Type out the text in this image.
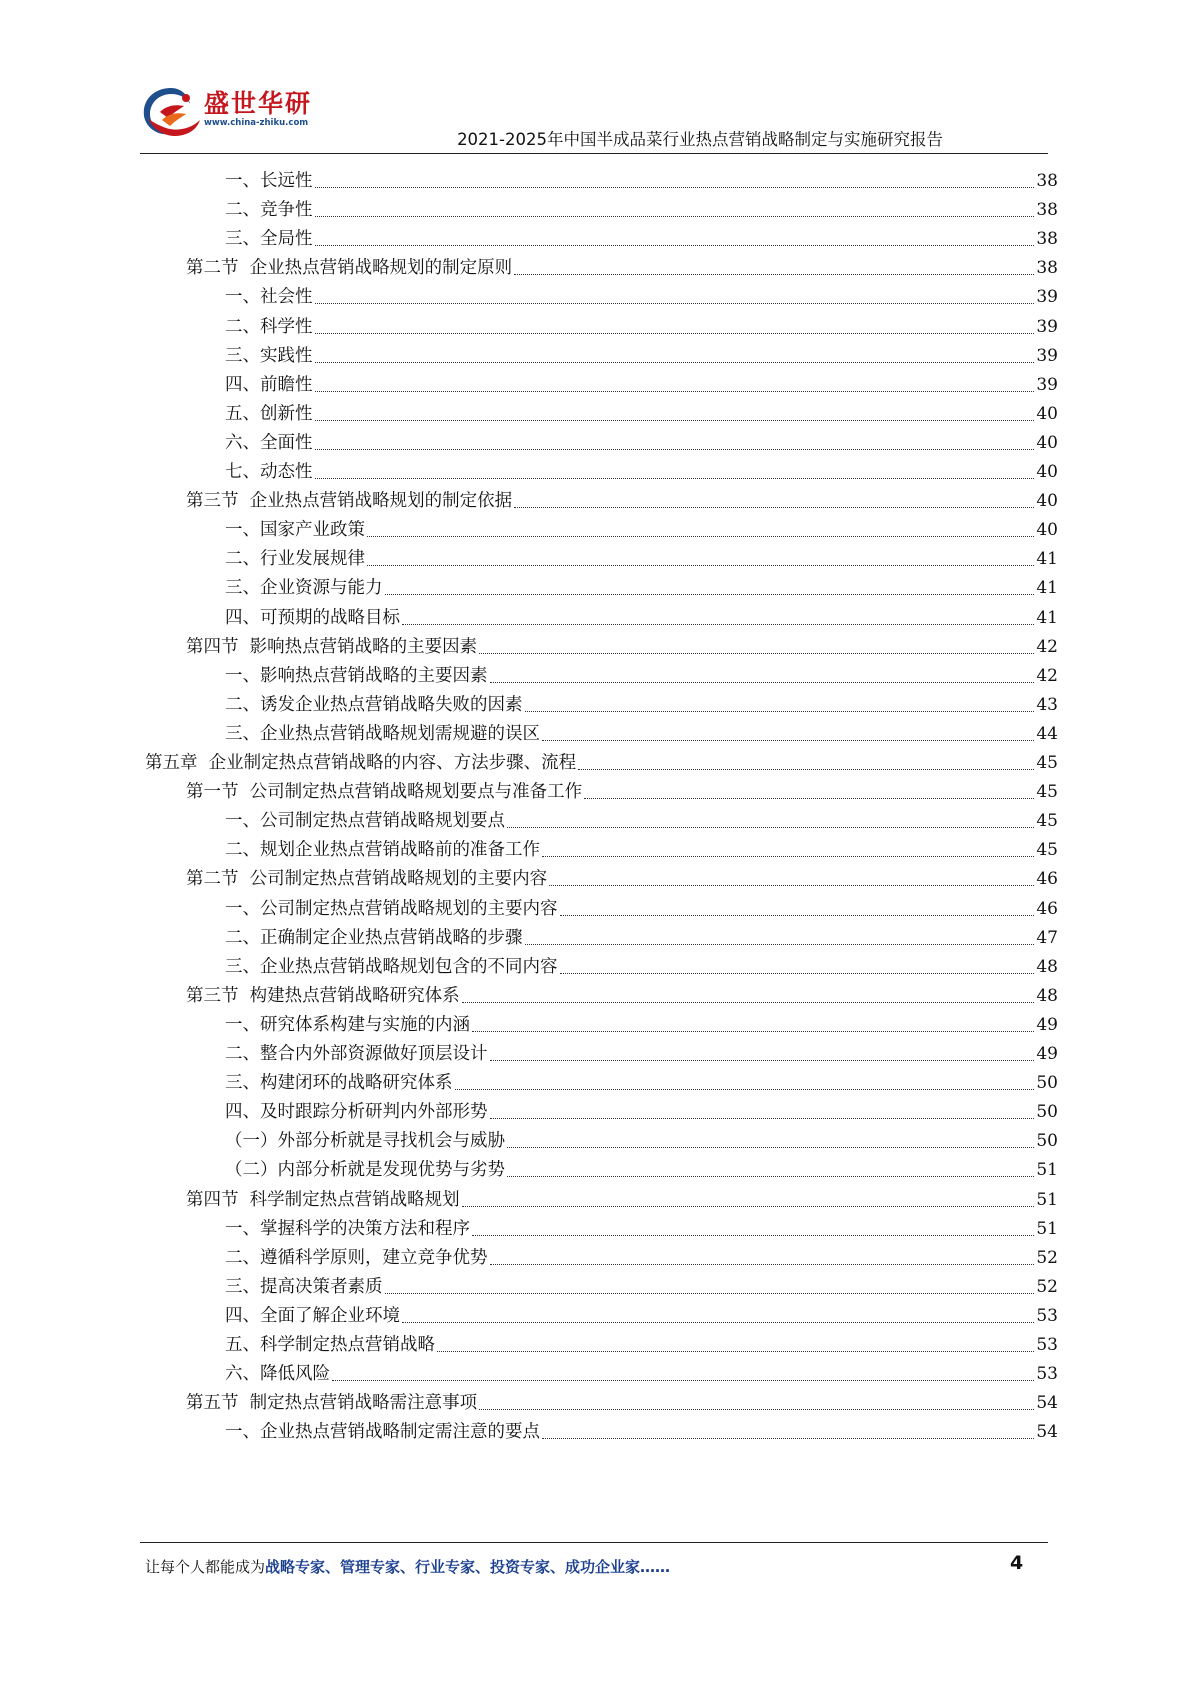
盛世华研
www.china-zhiku.com
2021-2025年中国半成品菜行业热点营销战略制定与实施研究报告
一、长远性	38
二、竞争性	38
三、全局性	38
第二节  企业热点营销战略规划的制定原则	38
一、社会性	39
二、科学性	39
三、实践性	39
四、前瞻性	39
五、创新性	40
六、全面性	40
七、动态性	40
第三节  企业热点营销战略规划的制定依据	40
一、国家产业政策	40
二、行业发展规律	41
三、企业资源与能力	41
四、可预期的战略目标	41
第四节  影响热点营销战略的主要因素	42
一、影响热点营销战略的主要因素	42
二、诱发企业热点营销战略失败的因素	43
三、企业热点营销战略规划需规避的误区	44
第五章  企业制定热点营销战略的内容、方法步骤、流程	45
第一节  公司制定热点营销战略规划要点与准备工作	45
一、公司制定热点营销战略规划要点	45
二、规划企业热点营销战略前的准备工作	45
第二节  公司制定热点营销战略规划的主要内容	46
一、公司制定热点营销战略规划的主要内容	46
二、正确制定企业热点营销战略的步骤	47
三、企业热点营销战略规划包含的不同内容	48
第三节  构建热点营销战略研究体系	48
一、研究体系构建与实施的内涵	49
二、整合内外部资源做好顶层设计	49
三、构建闭环的战略研究体系	50
四、及时跟踪分析研判内外部形势	50
（一）外部分析就是寻找机会与威胁	50
（二）内部分析就是发现优势与劣势	51
第四节  科学制定热点营销战略规划	51
一、掌握科学的决策方法和程序	51
二、遵循科学原则，建立竞争优势	52
三、提高决策者素质	52
四、全面了解企业环境	53
五、科学制定热点营销战略	53
六、降低风险	53
第五节  制定热点营销战略需注意事项	54
一、企业热点营销战略制定需注意的要点	54
让每个人都能成为战略专家、管理专家、行业专家、投资专家、成功企业家……	4
